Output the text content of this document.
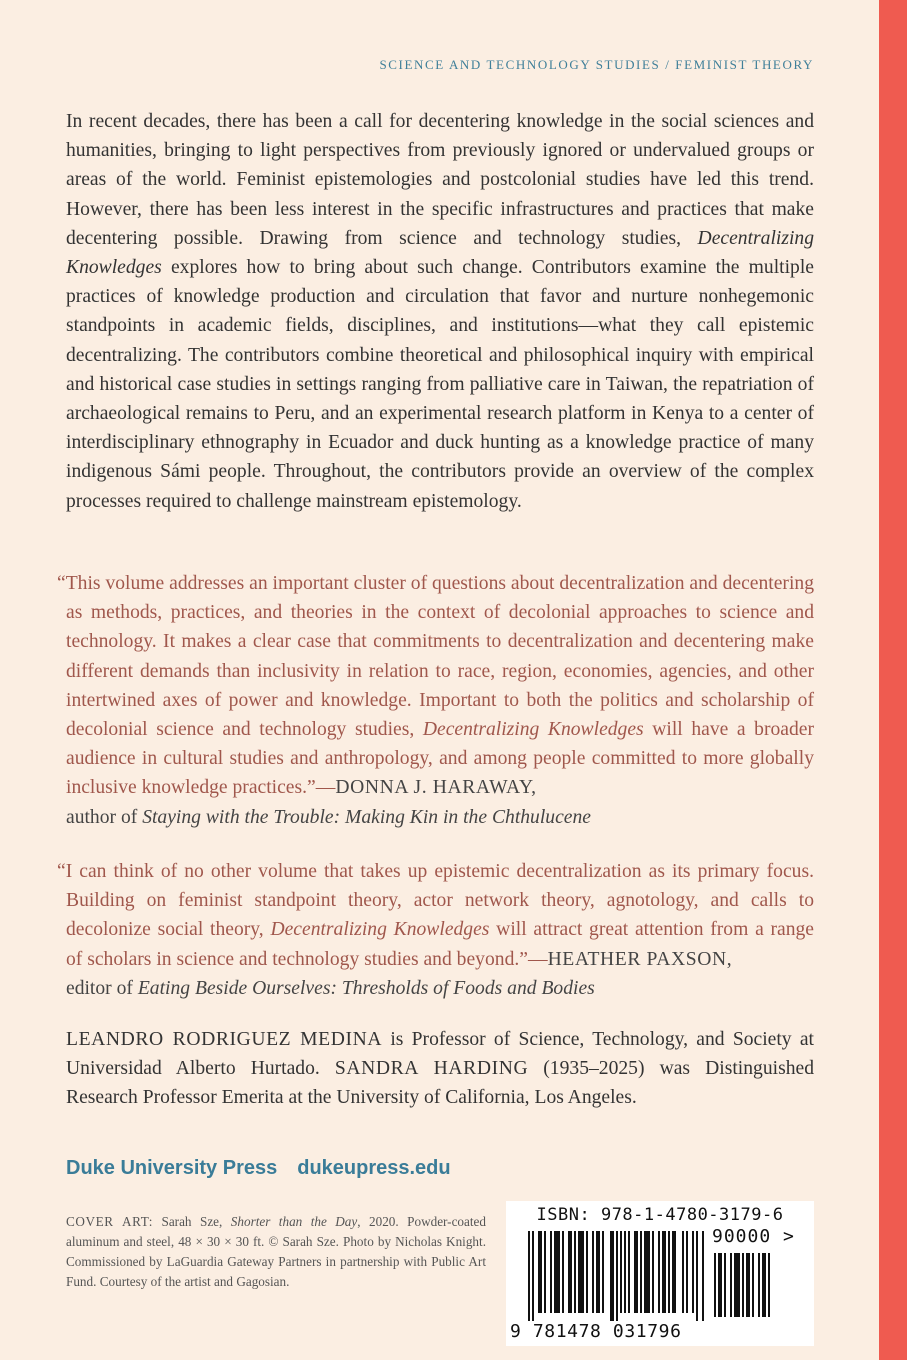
SCIENCE AND TECHNOLOGY STUDIES / FEMINIST THEORY
In recent decades, there has been a call for decentering knowledge in the social sciences and humanities, bringing to light perspectives from previously ignored or undervalued groups or areas of the world. Feminist epistemologies and postcolonial studies have led this trend. However, there has been less interest in the specific infrastructures and practices that make decentering possible. Drawing from science and technology studies, Decentralizing Knowledges explores how to bring about such change. Contributors examine the multiple practices of knowledge production and circulation that favor and nurture nonhegemonic standpoints in academic fields, disciplines, and institutions—what they call epistemic decentralizing. The contributors combine theoretical and philosophical inquiry with empirical and historical case studies in settings ranging from palliative care in Taiwan, the repatriation of archaeological remains to Peru, and an experimental research platform in Kenya to a center of interdisciplinary ethnography in Ecuador and duck hunting as a knowledge practice of many indigenous Sámi people. Throughout, the contributors provide an overview of the complex processes required to challenge mainstream epistemology.
“This volume addresses an important cluster of questions about decentralization and decentering as methods, practices, and theories in the context of decolonial approaches to science and technology. It makes a clear case that commitments to decentralization and decentering make different demands than inclusivity in relation to race, region, economies, agencies, and other intertwined axes of power and knowledge. Important to both the politics and scholarship of decolonial science and technology studies, Decentralizing Knowledges will have a broader audience in cultural studies and anthropology, and among people committed to more globally inclusive knowledge practices.”—DONNA J. HARAWAY,
author of Staying with the Trouble: Making Kin in the Chthulucene
“I can think of no other volume that takes up epistemic decentralization as its primary focus. Building on feminist standpoint theory, actor network theory, agnotology, and calls to decolonize social theory, Decentralizing Knowledges will attract great attention from a range of scholars in science and technology studies and beyond.”—HEATHER PAXSON,
editor of Eating Beside Ourselves: Thresholds of Foods and Bodies
LEANDRO RODRIGUEZ MEDINA is Professor of Science, Technology, and Society at Universidad Alberto Hurtado. SANDRA HARDING (1935–2025) was Distinguished Research Professor Emerita at the University of California, Los Angeles.
Duke University Press dukeupress.edu
COVER ART: Sarah Sze, Shorter than the Day, 2020. Powder-coated aluminum and steel, 48 × 30 × 30 ft. © Sarah Sze. Photo by Nicholas Knight. Commissioned by LaGuardia Gateway Partners in partnership with Public Art Fund. Courtesy of the artist and Gagosian.
ISBN: 978-1-4780-3179-6
90000 >
9 781478 031796
